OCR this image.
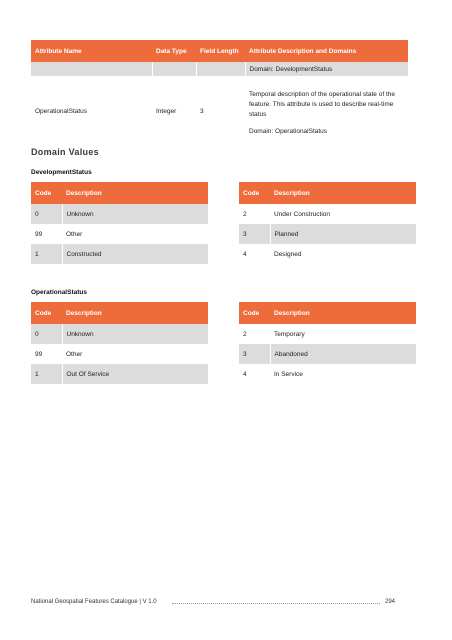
Attribute Name	Data Type	Field Length	Attribute Description and Domains
			Domain: DevelopmentStatus
OperationalStatus	Integer	3	Temporal description of the operational state of the feature. This attribute is used to describe real-time status
Domain: OperationalStatus
Domain Values
DevelopmentStatus
Code	Description
0	Unknown
99	Other
1	Constructed
Code	Description
2	Under Construction
3	Planned
4	Designed
OperationalStatus
Code	Description
0	Unknown
99	Other
1	Out Of Service
Code	Description
2	Temporary
3	Abandoned
4	In Service
National Geospatial Features Catalogue | V 1.0	294
